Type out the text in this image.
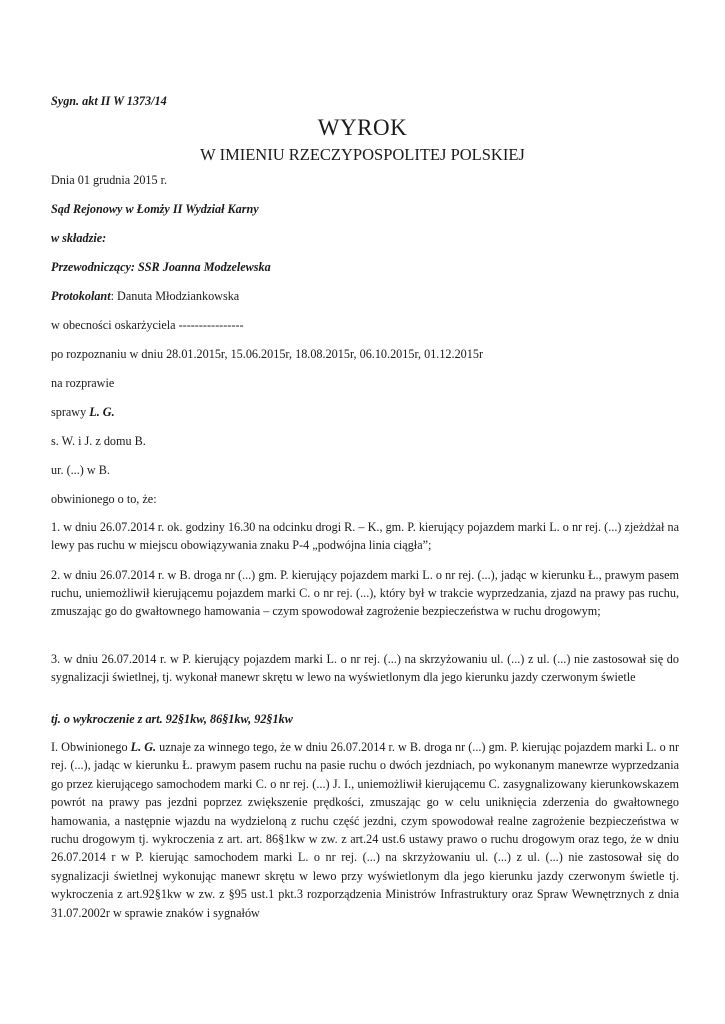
Sygn. akt II W 1373/14
WYROK
W IMIENIU RZECZYPOSPOLITEJ POLSKIEJ
Dnia 01 grudnia 2015 r.
Sąd Rejonowy w Łomży II Wydział Karny
w składzie:
Przewodniczący: SSR Joanna Modzelewska
Protokolant: Danuta Młodziankowska
w obecności oskarżyciela ----------------
po rozpoznaniu w dniu 28.01.2015r, 15.06.2015r, 18.08.2015r, 06.10.2015r, 01.12.2015r
na rozprawie
sprawy L. G.
s. W. i J. z domu B.
ur. (...) w B.
obwinionego o to, że:
1. w dniu 26.07.2014 r. ok. godziny 16.30 na odcinku drogi R. – K., gm. P. kierujący pojazdem marki L. o nr rej. (...) zjeżdżał na lewy pas ruchu w miejscu obowiązywania znaku P-4 „podwójna linia ciągła”;
2. w dniu 26.07.2014 r. w B. droga nr (...) gm. P. kierujący pojazdem marki L. o nr rej. (...), jadąc w kierunku Ł., prawym pasem ruchu, uniemożliwił kierującemu pojazdem marki C. o nr rej. (...), który był w trakcie wyprzedzania, zjazd na prawy pas ruchu, zmuszając go do gwałtownego hamowania – czym spowodował zagrożenie bezpieczeństwa w ruchu drogowym;
3. w dniu 26.07.2014 r. w P. kierujący pojazdem marki L. o nr rej. (...) na skrzyżowaniu ul. (...) z ul. (...) nie zastosował się do sygnalizacji świetlnej, tj. wykonał manewr skrętu w lewo na wyświetlonym dla jego kierunku jazdy czerwonym świetle
tj. o wykroczenie z art. 92§1kw, 86§1kw, 92§1kw
I. Obwinionego L. G. uznaje za winnego tego, że w dniu 26.07.2014 r. w B. droga nr (...) gm. P. kierując pojazdem marki L. o nr rej. (...), jadąc w kierunku Ł. prawym pasem ruchu na pasie ruchu o dwóch jezdniach, po wykonanym manewrze wyprzedzania go przez kierującego samochodem marki C. o nr rej. (...) J. I., uniemożliwił kierującemu C. zasygnalizowany kierunkowskazem powrót na prawy pas jezdni poprzez zwiększenie prędkości, zmuszając go w celu uniknięcia zderzenia do gwałtownego hamowania, a następnie wjazdu na wydzieloną z ruchu część jezdni, czym spowodował realne zagrożenie bezpieczeństwa w ruchu drogowym tj. wykroczenia z art. art. 86§1kw w zw. z art.24 ust.6 ustawy prawo o ruchu drogowym oraz tego, że w dniu 26.07.2014 r w P. kierując samochodem marki L. o nr rej. (...) na skrzyżowaniu ul. (...) z ul. (...) nie zastosował się do sygnalizacji świetlnej wykonując manewr skrętu w lewo przy wyświetlonym dla jego kierunku jazdy czerwonym świetle tj. wykroczenia z art.92§1kw w zw. z §95 ust.1 pkt.3 rozporządzenia Ministrów Infrastruktury oraz Spraw Wewnętrznych z dnia 31.07.2002r w sprawie znaków i sygnałów
